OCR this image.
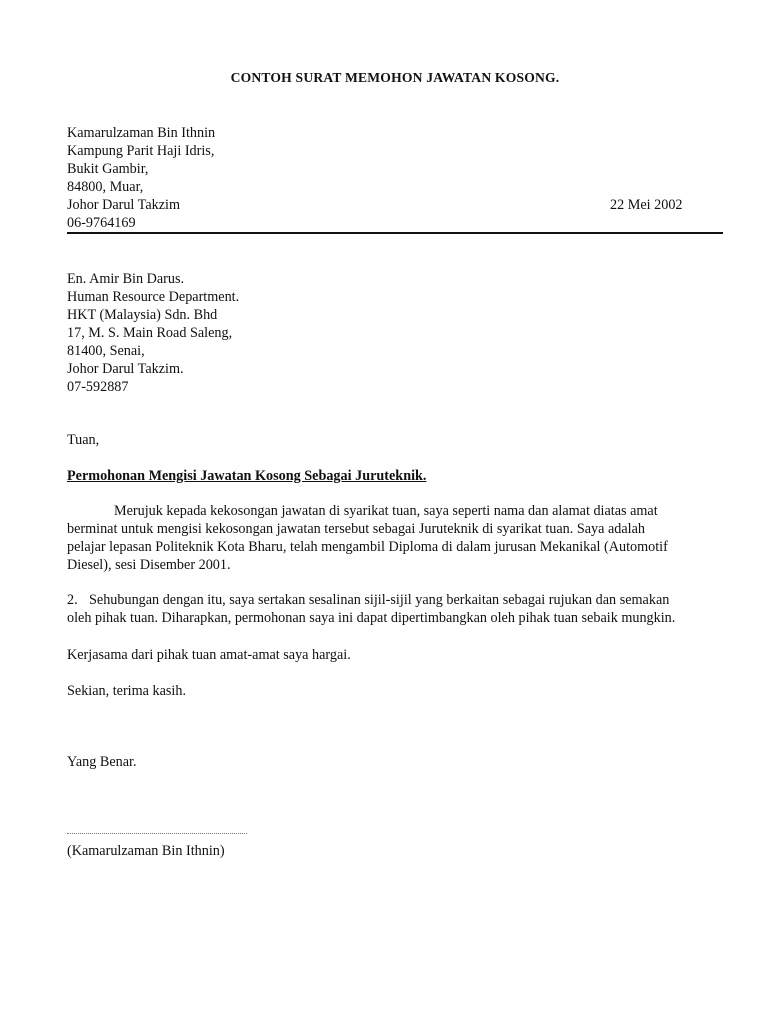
CONTOH SURAT MEMOHON JAWATAN KOSONG.
Kamarulzaman Bin Ithnin
Kampung Parit Haji Idris,
Bukit Gambir,
84800, Muar,
Johor Darul Takzim
06-9764169
22 Mei 2002
En. Amir Bin Darus.
Human Resource Department.
HKT (Malaysia) Sdn. Bhd
17, M. S. Main Road Saleng,
81400, Senai,
Johor Darul Takzim.
07-592887
Tuan,
Permohonan Mengisi Jawatan Kosong Sebagai Juruteknik.
Merujuk kepada kekosongan jawatan di syarikat tuan, saya seperti nama dan alamat diatas amat
berminat untuk mengisi kekosongan jawatan tersebut sebagai Juruteknik di syarikat tuan. Saya adalah
pelajar lepasan Politeknik Kota Bharu, telah mengambil Diploma di dalam jurusan Mekanikal (Automotif
Diesel), sesi Disember 2001.
2. Sehubungan dengan itu, saya sertakan sesalinan sijil-sijil yang berkaitan sebagai rujukan dan semakan
oleh pihak tuan. Diharapkan, permohonan saya ini dapat dipertimbangkan oleh pihak tuan sebaik mungkin.
Kerjasama dari pihak tuan amat-amat saya hargai.
Sekian, terima kasih.
Yang Benar.
(Kamarulzaman Bin Ithnin)
